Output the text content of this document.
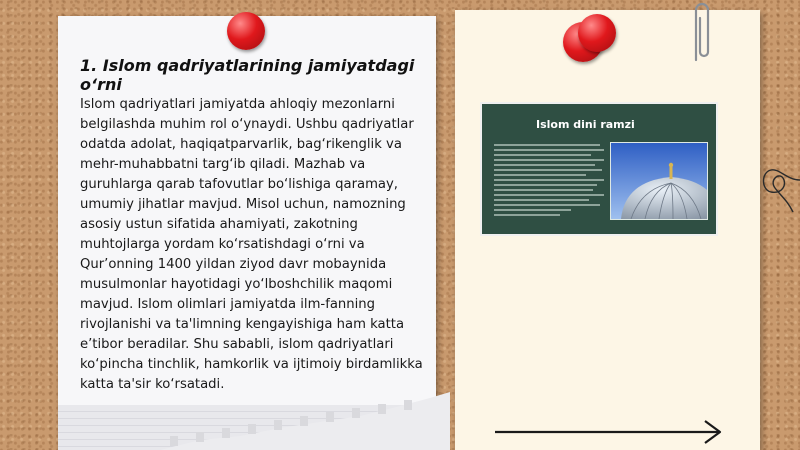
1. Islom qadriyatlarining jamiyatdagi o‘rni

Islom qadriyatlari jamiyatda ahloqiy mezonlarni belgilashda muhim rol o‘ynaydi. Ushbu qadriyatlar odatda adolat, haqiqatparvarlik, bag‘rikenglik va mehr-muhabbatni targ‘ib qiladi. Mazhab va guruhlarga qarab tafovutlar bo‘lishiga qaramay, umumiy jihatlar mavjud. Misol uchun, namozning asosiy ustun sifatida ahamiyati, zakotning muhtojlarga yordam ko‘rsatishdagi o‘rni va Qur’onning 1400 yildan ziyod davr mobaynida musulmonlar hayotidagi yo‘lboshchilik maqomi mavjud. Islom olimlari jamiyatda ilm-fanning rivojlanishi va ta'limning kengayishiga ham katta e’tibor beradilar. Shu sababli, islom qadriyatlari ko‘pincha tinchlik, hamkorlik va ijtimoiy birdamlikka katta ta'sir ko‘rsatadi.

Islom dini ramzi
